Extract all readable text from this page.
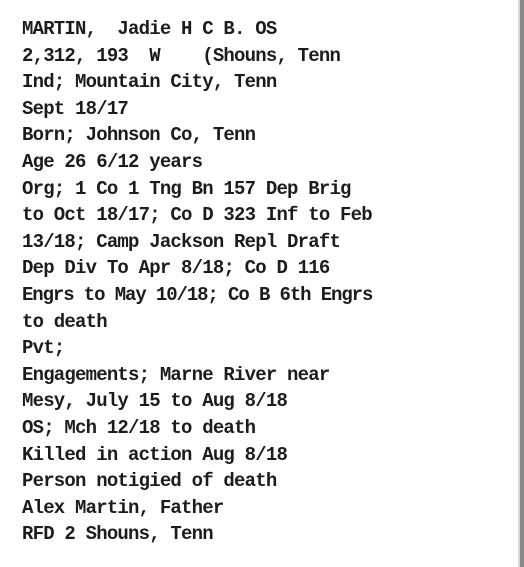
MARTIN,  Jadie H C B. OS
2,312, 193  W    (Shouns, Tenn
Ind; Mountain City, Tenn
Sept 18/17
Born; Johnson Co, Tenn
Age 26 6/12 years
Org; 1 Co 1 Tng Bn 157 Dep Brig
to Oct 18/17; Co D 323 Inf to Feb
13/18; Camp Jackson Repl Draft
Dep Div To Apr 8/18; Co D 116
Engrs to May 10/18; Co B 6th Engrs
to death
Pvt;
Engagements; Marne River near
Mesy, July 15 to Aug 8/18
OS; Mch 12/18 to death
Killed in action Aug 8/18
Person notigied of death
Alex Martin, Father
RFD 2 Shouns, Tenn
